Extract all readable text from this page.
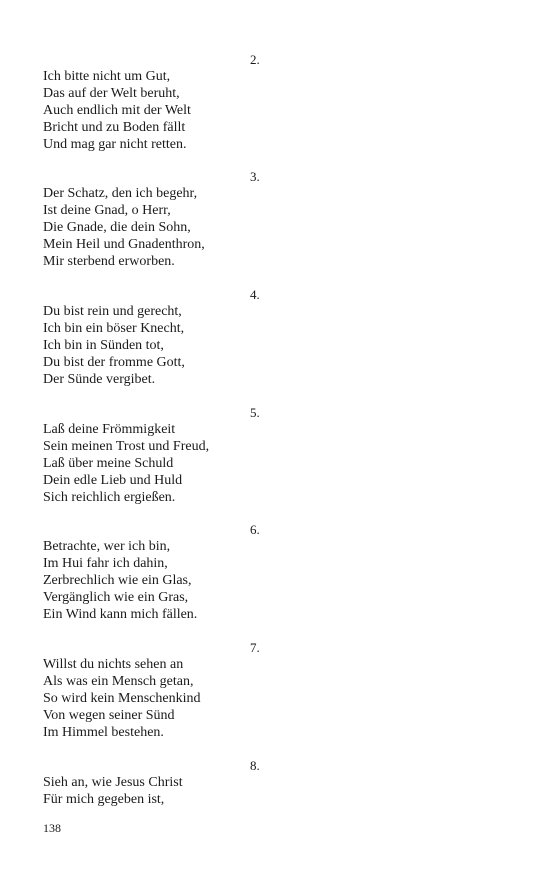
2.
Ich bitte nicht um Gut,
Das auf der Welt beruht,
Auch endlich mit der Welt
Bricht und zu Boden fällt
Und mag gar nicht retten.
3.
Der Schatz, den ich begehr,
Ist deine Gnad, o Herr,
Die Gnade, die dein Sohn,
Mein Heil und Gnadenthron,
Mir sterbend erworben.
4.
Du bist rein und gerecht,
Ich bin ein böser Knecht,
Ich bin in Sünden tot,
Du bist der fromme Gott,
Der Sünde vergibet.
5.
Laß deine Frömmigkeit
Sein meinen Trost und Freud,
Laß über meine Schuld
Dein edle Lieb und Huld
Sich reichlich ergießen.
6.
Betrachte, wer ich bin,
Im Hui fahr ich dahin,
Zerbrechlich wie ein Glas,
Vergänglich wie ein Gras,
Ein Wind kann mich fällen.
7.
Willst du nichts sehen an
Als was ein Mensch getan,
So wird kein Menschenkind
Von wegen seiner Sünd
Im Himmel bestehen.
8.
Sieh an, wie Jesus Christ
Für mich gegeben ist,
138
